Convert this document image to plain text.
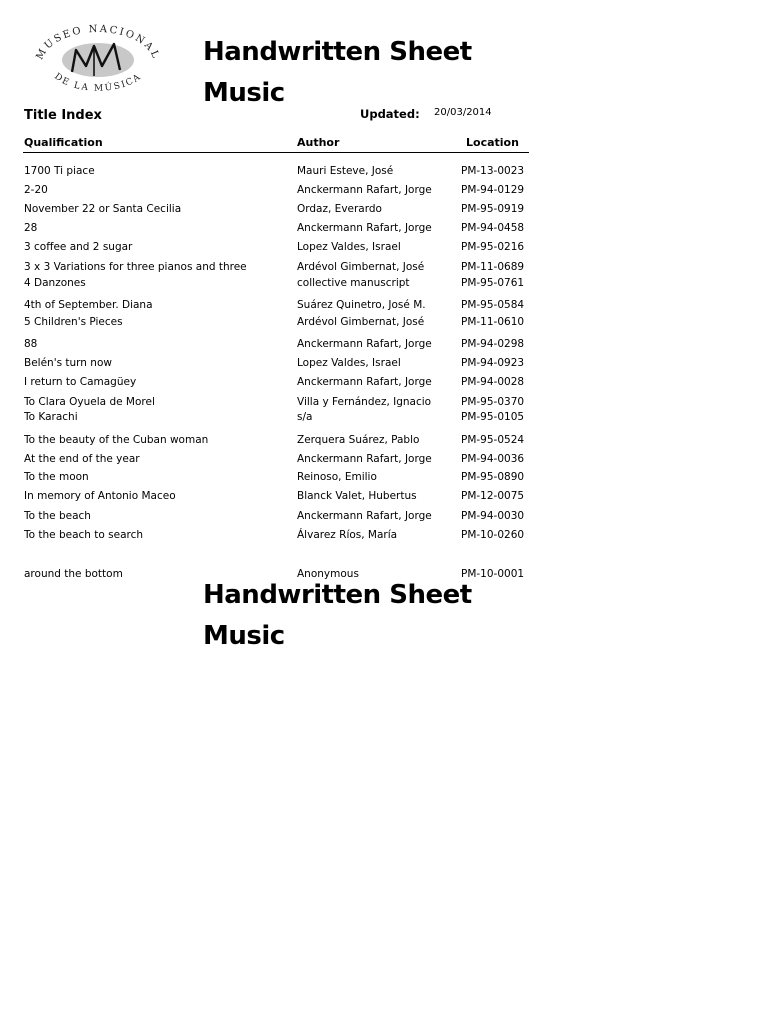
MUSEO NACIONAL
DE LA MÚSICA
Handwritten Sheet
Music
Title Index	Updated: 20/03/2014
Qualification	Author	Location
1700 Ti piace	Mauri Esteve, José	PM-13-0023
2-20	Anckermann Rafart, Jorge	PM-94-0129
November 22 or Santa Cecilia	Ordaz, Everardo	PM-95-0919
28	Anckermann Rafart, Jorge	PM-94-0458
3 coffee and 2 sugar	Lopez Valdes, Israel	PM-95-0216
3 x 3 Variations for three pianos and three	Ardévol Gimbernat, José	PM-11-0689
4 Danzones	collective manuscript	PM-95-0761
4th of September. Diana	Suárez Quinetro, José M.	PM-95-0584
5 Children's Pieces	Ardévol Gimbernat, José	PM-11-0610
88	Anckermann Rafart, Jorge	PM-94-0298
Belén's turn now	Lopez Valdes, Israel	PM-94-0923
I return to Camagüey	Anckermann Rafart, Jorge	PM-94-0028
To Clara Oyuela de Morel	Villa y Fernández, Ignacio	PM-95-0370
To Karachi	s/a	PM-95-0105
To the beauty of the Cuban woman	Zerquera Suárez, Pablo	PM-95-0524
At the end of the year	Anckermann Rafart, Jorge	PM-94-0036
To the moon	Reinoso, Emilio	PM-95-0890
In memory of Antonio Maceo	Blanck Valet, Hubertus	PM-12-0075
To the beach	Anckermann Rafart, Jorge	PM-94-0030
To the beach to search	Álvarez Ríos, María	PM-10-0260
around the bottom	Anonymous	PM-10-0001
Handwritten Sheet
Music
